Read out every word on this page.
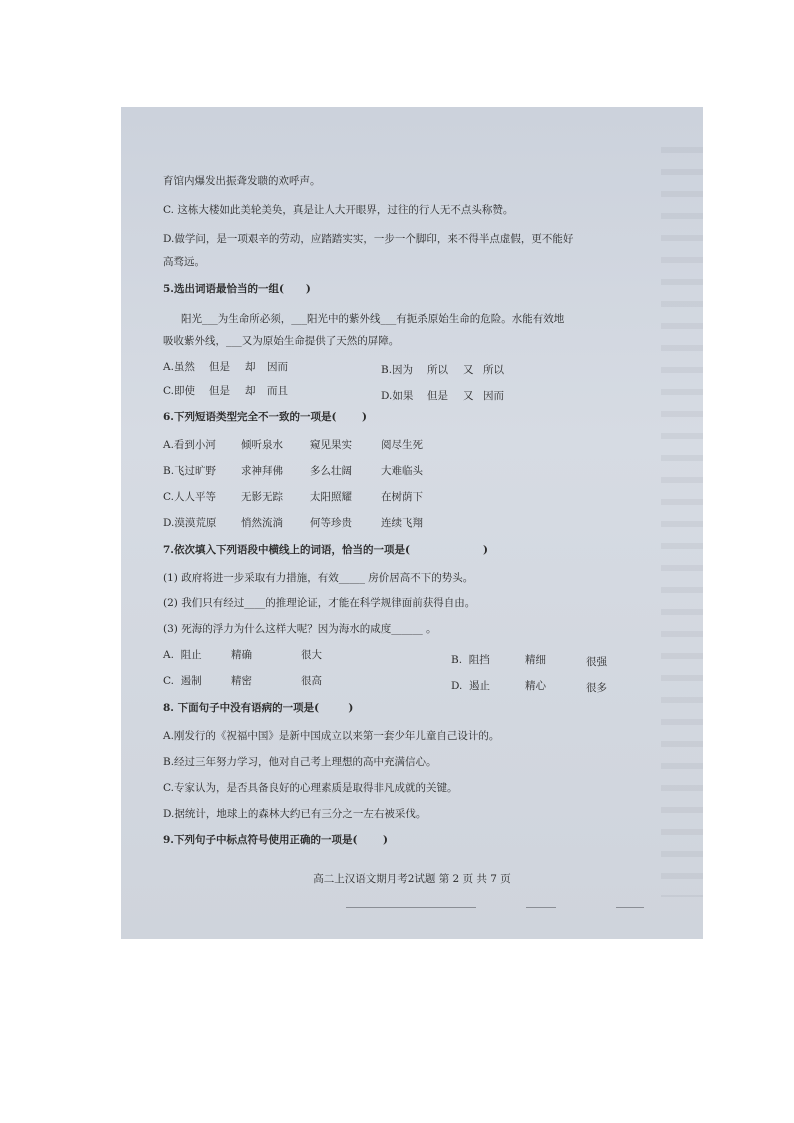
育馆内爆发出振聋发聩的欢呼声。
C. 这栋大楼如此美轮美奂，真是让人大开眼界，过往的行人无不点头称赞。
D.做学问，是一项艰辛的劳动，应踏踏实实，一步一个脚印，来不得半点虚假，更不能好
高骛远。
5.选出词语最恰当的一组(      )
阳光___为生命所必须，___阳光中的紫外线___有扼杀原始生命的危险。水能有效地
吸收紫外线，___又为原始生命提供了天然的屏障。
A.虽然 但是 却 因而	B.因为 所以 又 所以
C.即使 但是 却 而且	D.如果 但是 又 因而
6.下列短语类型完全不一致的一项是(       )
A.看到小河 倾听泉水	窥见果实	阅尽生死
B.飞过旷野 求神拜佛	多么壮阔	大难临头
C.人人平等 无影无踪	太阳照耀	在树荫下
D.漠漠荒原 悄然流淌	何等珍贵	连续飞翔
7.依次填入下列语段中横线上的词语，恰当的一项是(                    )
(1) 政府将进一步采取有力措施，有效_____ 房价居高不下的势头。
(2) 我们只有经过____的推理论证，才能在科学规律面前获得自由。
(3) 死海的浮力为什么这样大呢？因为海水的咸度______ 。
A.  阻止	精确	很大	B.  阻挡	精细	很强
C.  遏制	精密	很高	D.  遏止	精心	很多
8. 下面句子中没有语病的一项是(        )
A.刚发行的《祝福中国》是新中国成立以来第一套少年儿童自己设计的。
B.经过三年努力学习，他对自己考上理想的高中充满信心。
C.专家认为，是否具备良好的心理素质是取得非凡成就的关键。
D.据统计，地球上的森林大约已有三分之一左右被采伐。
9.下列句子中标点符号使用正确的一项是(       )
高二上汉语文期月考2试题 第 2 页 共 7 页
